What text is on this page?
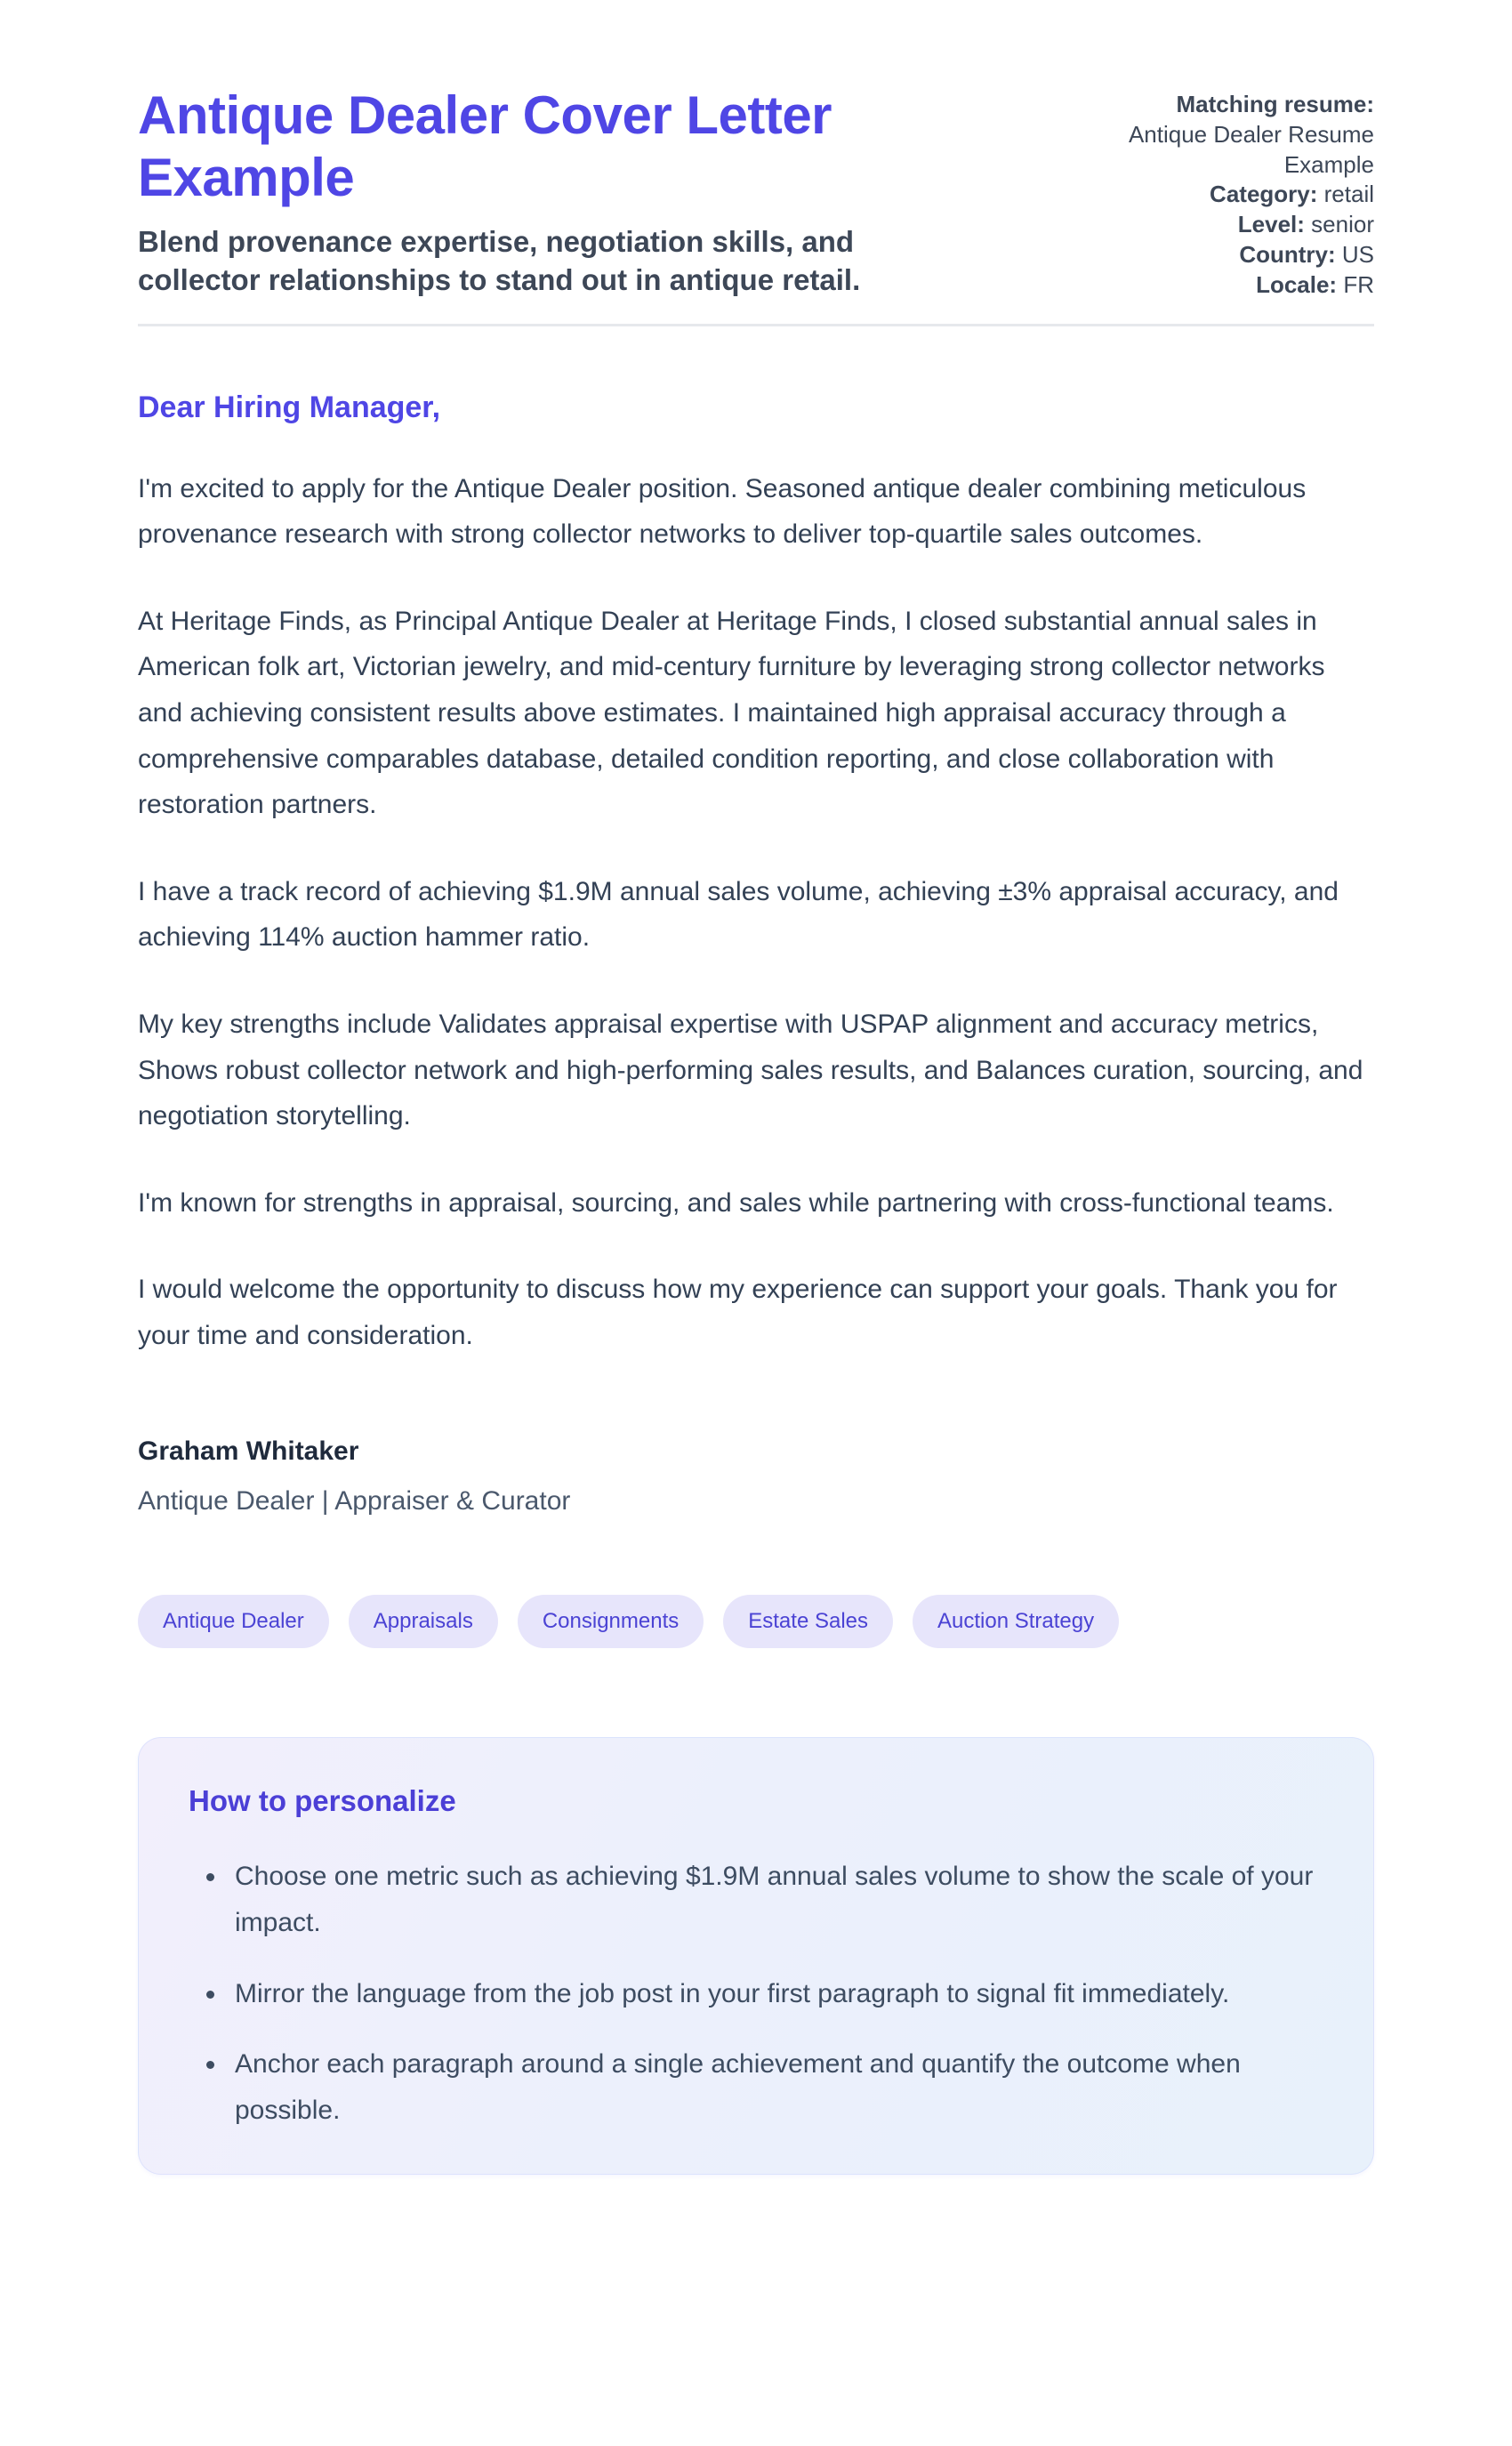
Antique Dealer Cover Letter Example

Blend provenance expertise, negotiation skills, and collector relationships to stand out in antique retail.

Matching resume:
Antique Dealer Resume Example
Category: retail
Level: senior
Country: US
Locale: FR

Dear Hiring Manager,

I'm excited to apply for the Antique Dealer position. Seasoned antique dealer combining meticulous provenance research with strong collector networks to deliver top-quartile sales outcomes.

At Heritage Finds, as Principal Antique Dealer at Heritage Finds, I closed substantial annual sales in American folk art, Victorian jewelry, and mid-century furniture by leveraging strong collector networks and achieving consistent results above estimates. I maintained high appraisal accuracy through a comprehensive comparables database, detailed condition reporting, and close collaboration with restoration partners.

I have a track record of achieving $1.9M annual sales volume, achieving ±3% appraisal accuracy, and achieving 114% auction hammer ratio.

My key strengths include Validates appraisal expertise with USPAP alignment and accuracy metrics, Shows robust collector network and high-performing sales results, and Balances curation, sourcing, and negotiation storytelling.

I'm known for strengths in appraisal, sourcing, and sales while partnering with cross-functional teams.

I would welcome the opportunity to discuss how my experience can support your goals. Thank you for your time and consideration.

Graham Whitaker

Antique Dealer | Appraiser & Curator

Antique Dealer	Appraisals	Consignments	Estate Sales	Auction Strategy
How to personalize
• Choose one metric such as achieving $1.9M annual sales volume to show the scale of your impact.
• Mirror the language from the job post in your first paragraph to signal fit immediately.
• Anchor each paragraph around a single achievement and quantify the outcome when possible.
